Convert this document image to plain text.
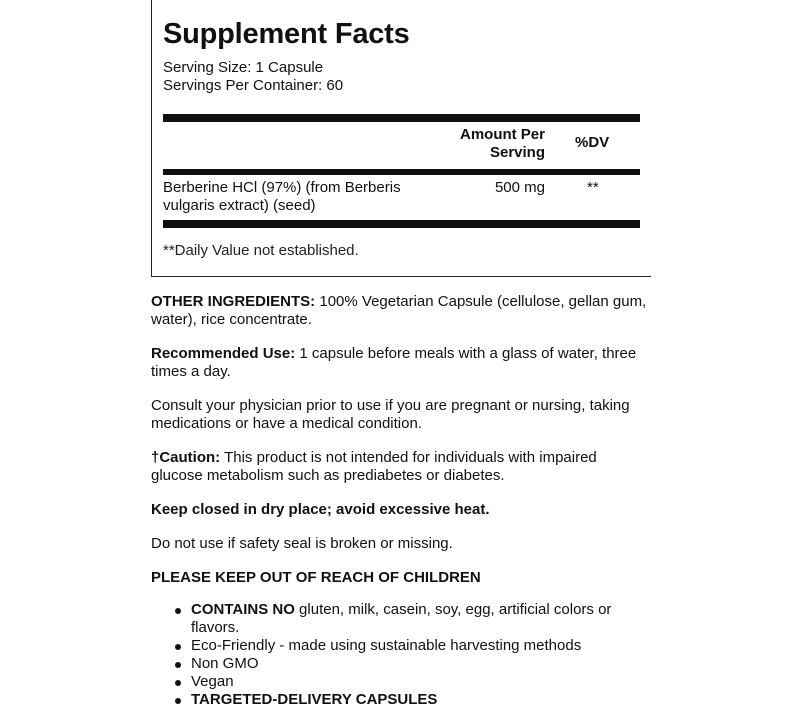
Supplement Facts
Serving Size: 1 Capsule
Servings Per Container: 60
Amount Per Serving
%DV
Berberine HCl (97%) (from Berberis vulgaris extract) (seed)
500 mg	**
**Daily Value not established.

OTHER INGREDIENTS: 100% Vegetarian Capsule (cellulose, gellan gum, water), rice concentrate.

Recommended Use: 1 capsule before meals with a glass of water, three times a day.

Consult your physician prior to use if you are pregnant or nursing, taking medications or have a medical condition.

†Caution: This product is not intended for individuals with impaired glucose metabolism such as prediabetes or diabetes.

Keep closed in dry place; avoid excessive heat.

Do not use if safety seal is broken or missing.

PLEASE KEEP OUT OF REACH OF CHILDREN

CONTAINS NO gluten, milk, casein, soy, egg, artificial colors or flavors.
Eco-Friendly - made using sustainable harvesting methods
Non GMO
Vegan
TARGETED-DELIVERY CAPSULES
